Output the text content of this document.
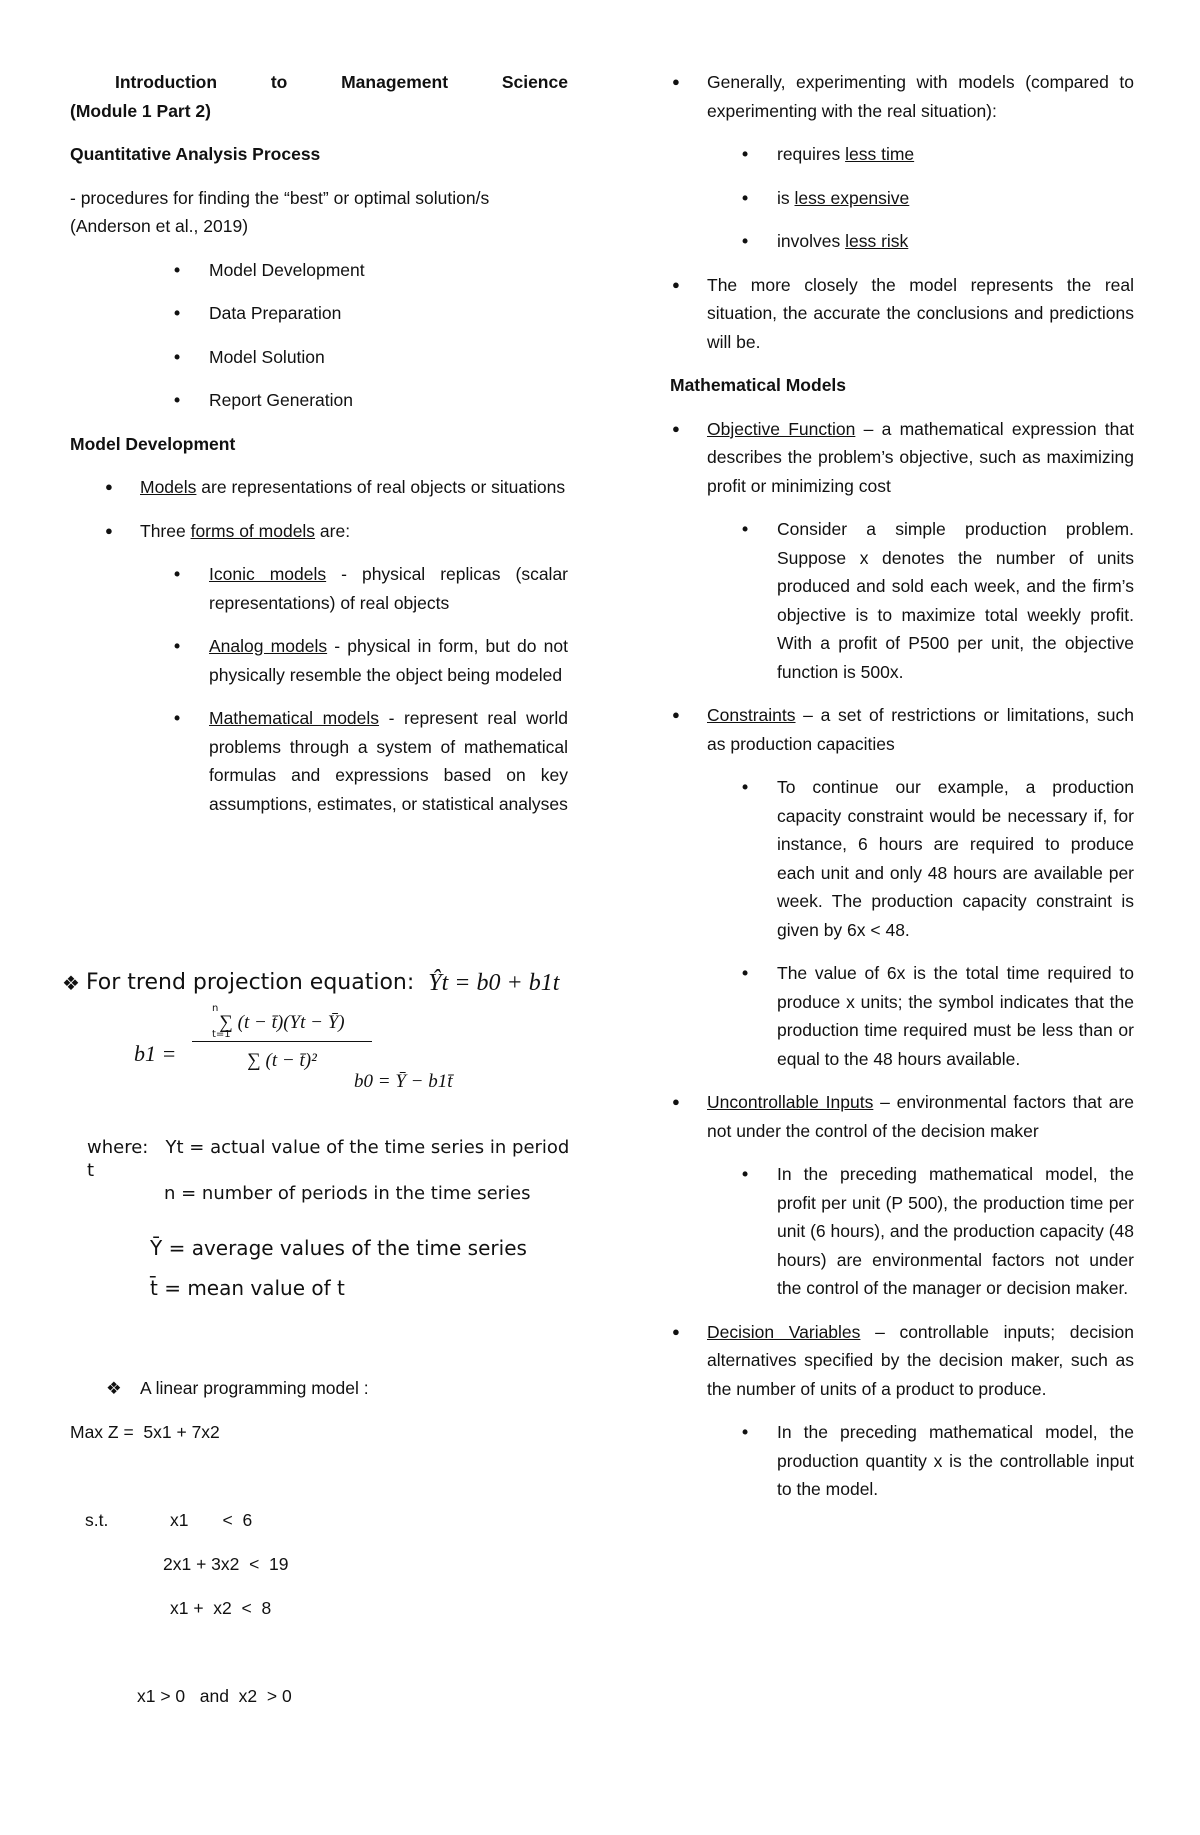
Introduction	to	Management	Science

(Module 1 Part 2)

Quantitative Analysis Process

- procedures for finding the “best” or optimal solution/s (Anderson et al., 2019)

• Model Development

• Data Preparation

• Model Solution

• Report Generation

Model Development

● Models are representations of real objects or situations

● Three forms of models are:

• Iconic models - physical replicas (scalar representations) of real objects

• Analog models - physical in form, but do not physically resemble the object being modeled

• Mathematical models - represent real world problems through a system of mathematical formulas and expressions based on key assumptions, estimates, or statistical analyses

❖ For trend projection equation: Ŷt = b0 + b1t
b1 =
∑ (t − t̄)(Yt − Ȳ)
∑ (t − t̄)²
t=1
n
b0 = Ȳ − b1t̄
where: Yt = actual value of the time series in period t
n = number of periods in the time series
Ȳ = average values of the time series
t̄ = mean value of t
❖ A linear programming model :
Max Z =  5x1 + 7x2
s.t.	x1       <  6
2x1 + 3x2  <  19
x1 +  x2  <  8
x1 > 0   and  x2  > 0

● Generally, experimenting with models (compared to experimenting with the real situation):

• requires less time

• is less expensive

• involves less risk

● The more closely the model represents the real situation, the accurate the conclusions and predictions will be.

Mathematical Models

● Objective Function – a mathematical expression that describes the problem’s objective, such as maximizing profit or minimizing cost

• Consider a simple production problem. Suppose x denotes the number of units produced and sold each week, and the firm’s objective is to maximize total weekly profit. With a profit of P500 per unit, the objective function is 500x.

● Constraints – a set of restrictions or limitations, such as production capacities

• To continue our example, a production capacity constraint would be necessary if, for instance, 6 hours are required to produce each unit and only 48 hours are available per week. The production capacity constraint is given by 6x < 48.

• The value of 6x is the total time required to produce x units; the symbol indicates that the production time required must be less than or equal to the 48 hours available.

● Uncontrollable Inputs – environmental factors that are not under the control of the decision maker

• In the preceding mathematical model, the profit per unit (P 500), the production time per unit (6 hours), and the production capacity (48 hours) are environmental factors not under the control of the manager or decision maker.

● Decision Variables – controllable inputs; decision alternatives specified by the decision maker, such as the number of units of a product to produce.

• In the preceding mathematical model, the production quantity x is the controllable input to the model.
